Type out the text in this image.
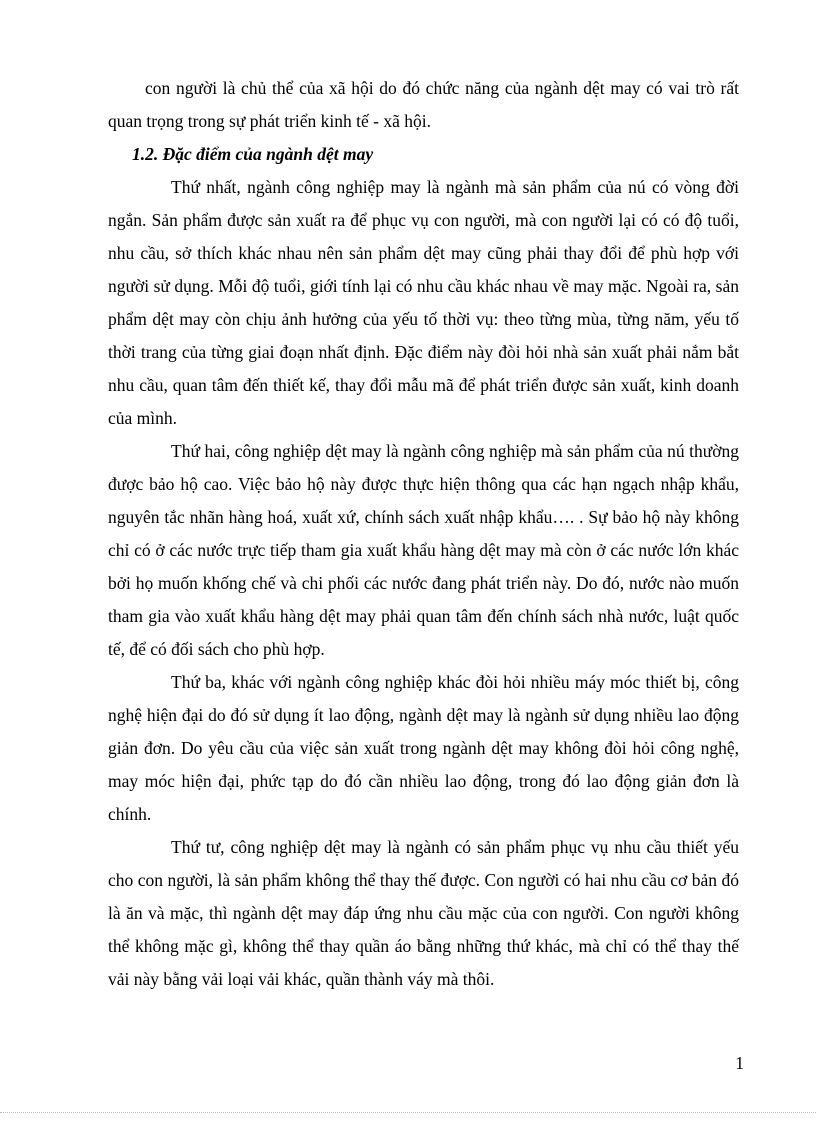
con người là chủ thể của xã hội do đó chức năng của ngành dệt may có vai trò rất quan trọng trong sự phát triển kinh tế - xã hội.

1.2. Đặc điểm của ngành dệt may

Thứ nhất, ngành công nghiệp may là ngành mà sản phẩm của nú có vòng đời ngắn. Sản phẩm được sản xuất ra để phục vụ con người, mà con người lại có có độ tuổi, nhu cầu, sở thích khác nhau nên sản phẩm dệt may cũng phải thay đổi để phù hợp với người sử dụng. Mỗi độ tuổi, giới tính lại có nhu cầu khác nhau về may mặc. Ngoài ra, sản phẩm dệt may còn chịu ảnh hưởng của yếu tố thời vụ: theo từng mùa, từng năm, yếu tố thời trang của từng giai đoạn nhất định. Đặc điểm này đòi hỏi nhà sản xuất phải nắm bắt nhu cầu, quan tâm đến thiết kế, thay đổi mẫu mã để phát triển được sản xuất, kinh doanh của mình.

Thứ hai, công nghiệp dệt may là ngành công nghiệp mà sản phẩm của nú thường được bảo hộ cao. Việc bảo hộ này được thực hiện thông qua các hạn ngạch nhập khẩu, nguyên tắc nhãn hàng hoá, xuất xứ, chính sách xuất nhập khẩu…. . Sự bảo hộ này không chỉ có ở các nước trực tiếp tham gia xuất khẩu hàng dệt may mà còn ở các nước lớn khác bởi họ muốn khống chế và chi phối các nước đang phát triển này. Do đó, nước nào muốn tham gia vào xuất khẩu hàng dệt may phải quan tâm đến chính sách nhà nước, luật quốc tế, để có đối sách cho phù hợp.

Thứ ba, khác với ngành công nghiệp khác đòi hỏi nhiều máy móc thiết bị, công nghệ hiện đại do đó sử dụng ít lao động, ngành dệt may là ngành sử dụng nhiều lao động giản đơn. Do yêu cầu của việc sản xuất trong ngành dệt may không đòi hỏi công nghệ, may móc hiện đại, phức tạp do đó cần nhiều lao động, trong đó lao động giản đơn là chính.

Thứ tư, công nghiệp dệt may là ngành có sản phẩm phục vụ nhu cầu thiết yếu cho con người, là sản phẩm không thể thay thế được. Con người có hai nhu cầu cơ bản đó là ăn và mặc, thì ngành dệt may đáp ứng nhu cầu mặc của con người. Con người không thể không mặc gì, không thể thay quần áo bằng những thứ khác, mà chỉ có thể thay thế vải này bằng vải loại vải khác, quần thành váy mà thôi.

1
